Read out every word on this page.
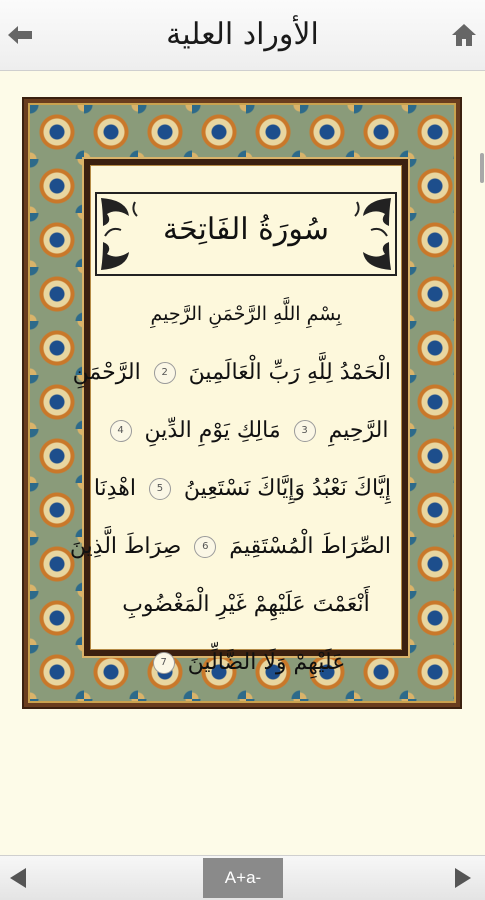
الأوراد العلية
سُورَةُ الفَاتِحَة
بِسْمِ اللَّهِ الرَّحْمَنِ الرَّحِيمِ
الْحَمْدُ لِلَّهِ رَبِّ الْعَالَمِينَ 2 الرَّحْمَنِ
الرَّحِيمِ 3 مَالِكِ يَوْمِ الدِّينِ 4
إِيَّاكَ نَعْبُدُ وَإِيَّاكَ نَسْتَعِينُ 5 اهْدِنَا
الصِّرَاطَ الْمُسْتَقِيمَ 6 صِرَاطَ الَّذِينَ
أَنْعَمْتَ عَلَيْهِمْ غَيْرِ الْمَغْضُوبِ
عَلَيْهِمْ وَلَا الضَّالِّينَ 7
A+a-
